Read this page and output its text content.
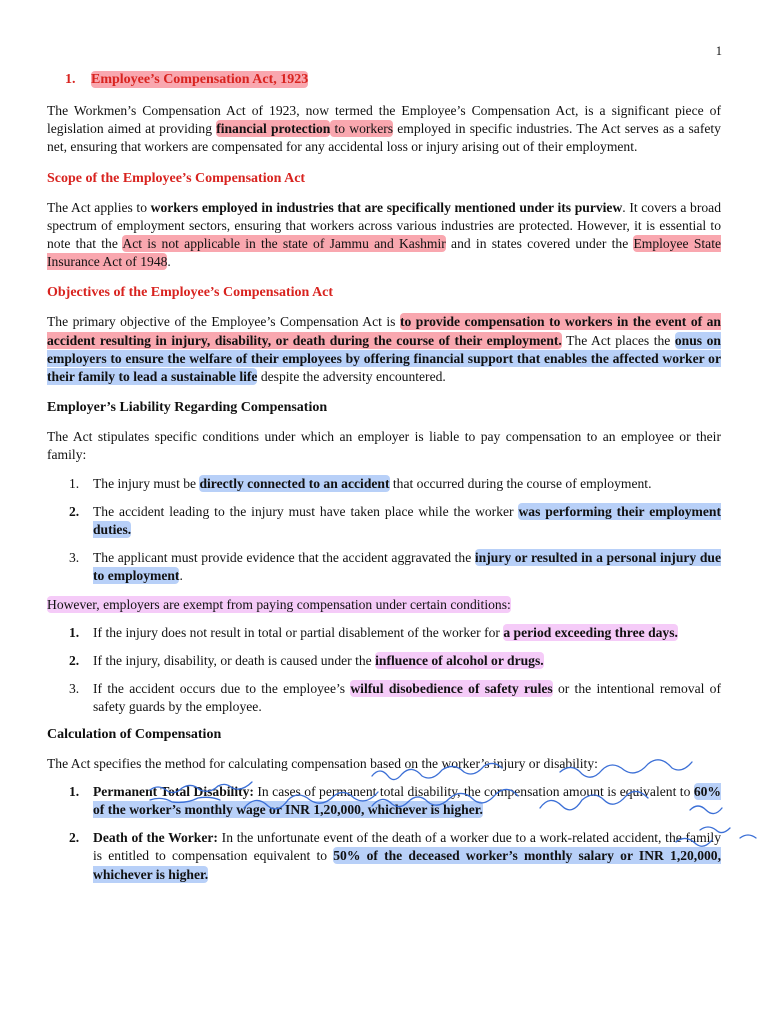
1
1. Employee’s Compensation Act, 1923

The Workmen’s Compensation Act of 1923, now termed the Employee’s Compensation Act, is a significant piece of legislation aimed at providing financial protection to workers employed in specific industries. The Act serves as a safety net, ensuring that workers are compensated for any accidental loss or injury arising out of their employment.

Scope of the Employee’s Compensation Act

The Act applies to workers employed in industries that are specifically mentioned under its purview. It covers a broad spectrum of employment sectors, ensuring that workers across various industries are protected. However, it is essential to note that the Act is not applicable in the state of Jammu and Kashmir and in states covered under the Employee State Insurance Act of 1948.

Objectives of the Employee’s Compensation Act

The primary objective of the Employee’s Compensation Act is to provide compensation to workers in the event of an accident resulting in injury, disability, or death during the course of their employment. The Act places the onus on employers to ensure the welfare of their employees by offering financial support that enables the affected worker or their family to lead a sustainable life despite the adversity encountered.

Employer’s Liability Regarding Compensation

The Act stipulates specific conditions under which an employer is liable to pay compensation to an employee or their family:

1. The injury must be directly connected to an accident that occurred during the course of employment.
2. The accident leading to the injury must have taken place while the worker was performing their employment duties.
3. The applicant must provide evidence that the accident aggravated the injury or resulted in a personal injury due to employment.

However, employers are exempt from paying compensation under certain conditions:

1. If the injury does not result in total or partial disablement of the worker for a period exceeding three days.
2. If the injury, disability, or death is caused under the influence of alcohol or drugs.
3. If the accident occurs due to the employee’s wilful disobedience of safety rules or the intentional removal of safety guards by the employee.
Calculation of Compensation

The Act specifies the method for calculating compensation based on the worker’s injury or disability:

1. Permanent Total Disability: In cases of permanent total disability, the compensation amount is equivalent to 60% of the worker’s monthly wage or INR 1,20,000, whichever is higher.
2. Death of the Worker: In the unfortunate event of the death of a worker due to a work-related accident, the family is entitled to compensation equivalent to 50% of the deceased worker’s monthly salary or INR 1,20,000, whichever is higher.
